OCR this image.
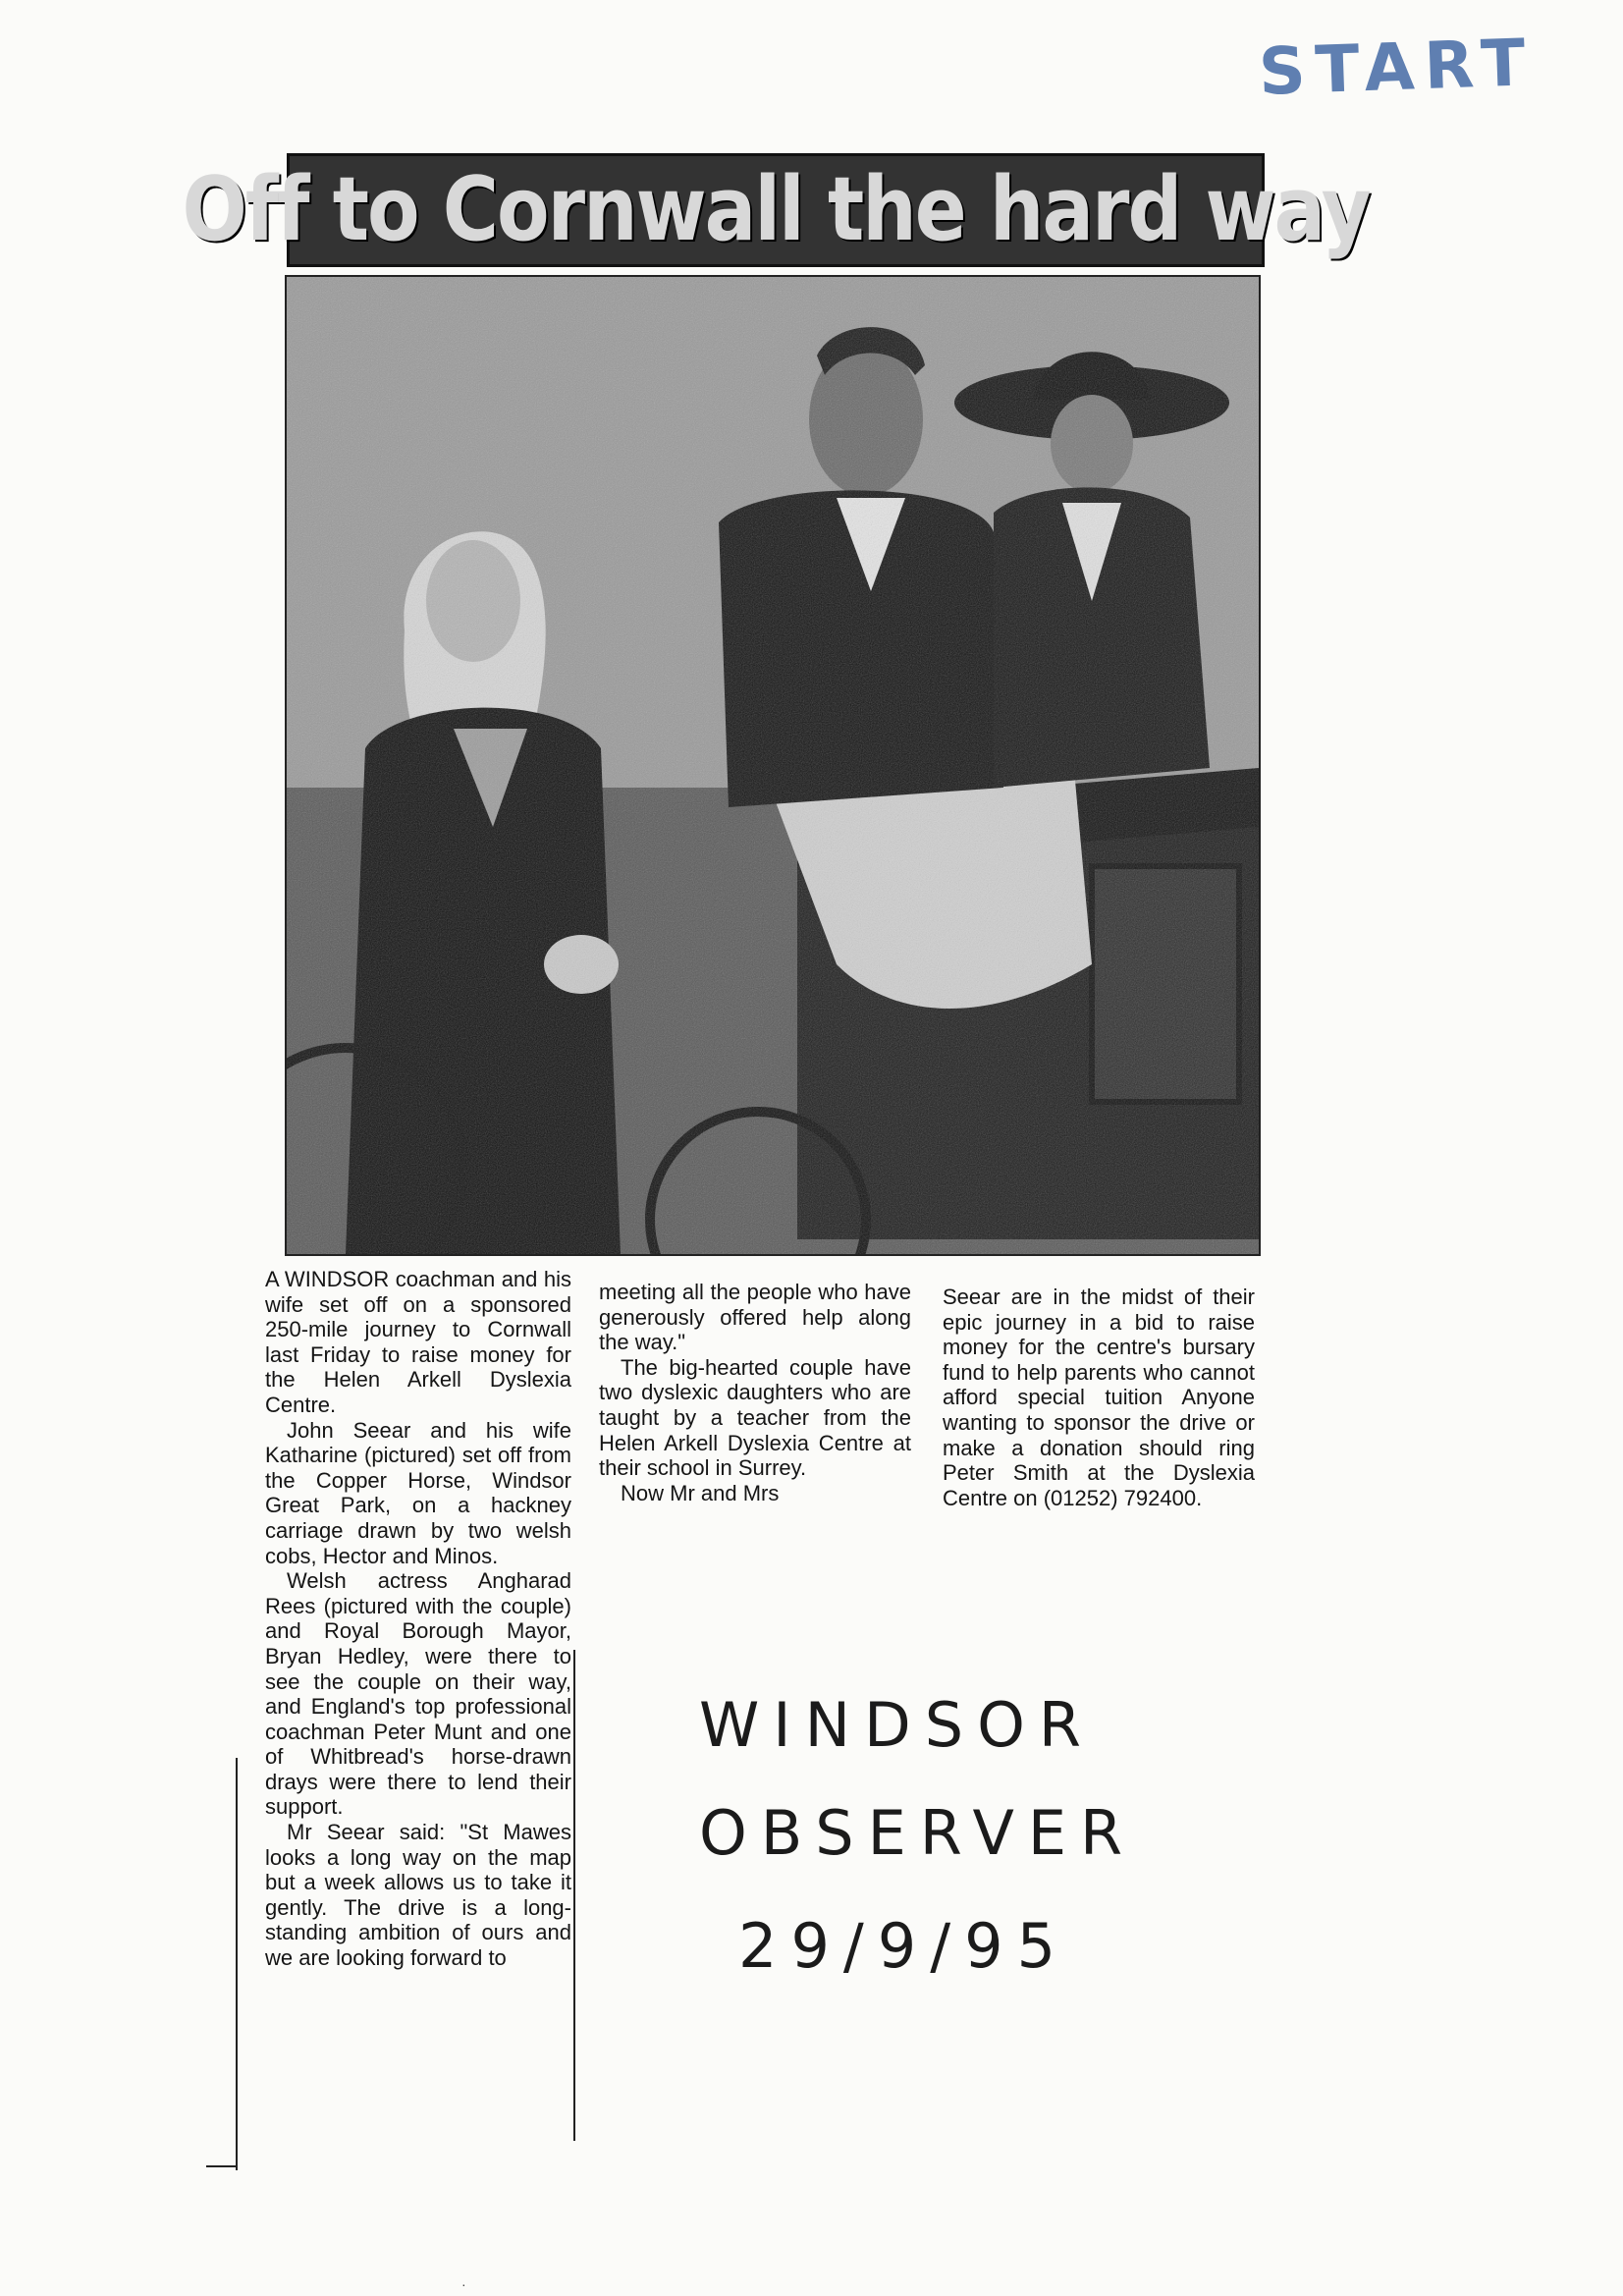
START
Off to Cornwall the hard way

A WINDSOR coachman and his wife set off on a sponsored 250-mile journey to Cornwall last Friday to raise money for the Helen Arkell Dyslexia Centre.

John Seear and his wife Katharine (pictured) set off from the Copper Horse, Windsor Great Park, on a hackney carriage drawn by two welsh cobs, Hector and Minos.

Welsh actress Angharad Rees (pictured with the couple) and Royal Borough Mayor, Bryan Hedley, were there to see the couple on their way, and England's top professional coachman Peter Munt and one of Whitbread's horse-drawn drays were there to lend their support.

Mr Seear said: "St Mawes looks a long way on the map but a week allows us to take it gently. The drive is a long-standing ambition of ours and we are looking forward to

meeting all the people who have generously offered help along the way."

The big-hearted couple have two dyslexic daughters who are taught by a teacher from the Helen Arkell Dyslexia Centre at their school in Surrey.

Now Mr and Mrs

Seear are in the midst of their epic journey in a bid to raise money for the centre's bursary fund to help parents who cannot afford special tuition Anyone wanting to sponsor the drive or make a donation should ring Peter Smith at the Dyslexia Centre on (01252) 792400.

WINDSOR
OBSERVER
29/9/95
·
